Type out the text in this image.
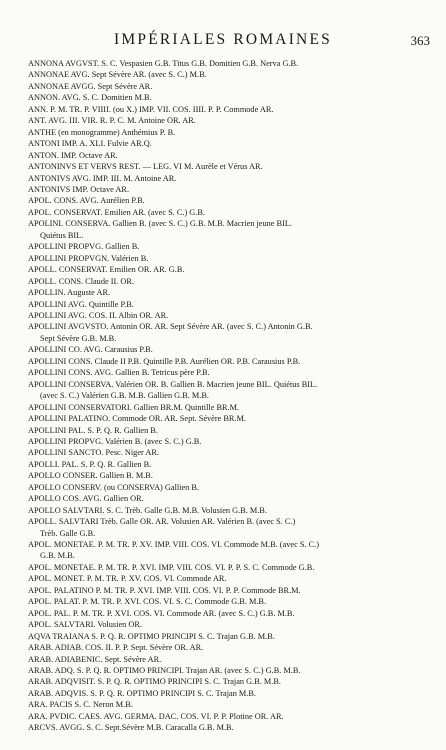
IMPÉRIALES ROMAINES	363
ANNONA AVGVST. S. C. Vespasien G.B. Titus G.B. Domitien G.B. Nerva G.B.
ANNONAE AVG. Sept Sévère AR. (avec S. C.) M.B.
ANNONAE AVGG. Sept Sévère AR.
ANNON. AVG. S. C. Domitien M.B.
ANN. P. M. TR. P. VIIII. (ou X.) IMP. VII. COS. IIII. P. P. Commode AR.
ANT. AVG. III. VIR. R. P. C. M. Antoine OR. AR.
ANTHE (en monogramme) Anthémius P. B.
ANTONI IMP. A. XLI. Fulvie AR.Q.
ANTON. IMP. Octave AR.
ANTONINVS ET VERVS REST. — LEG. VI M. Aurèle et Vérus AR.
ANTONIVS AVG. IMP. III. M. Antoine AR.
ANTONIVS IMP. Octave AR.
APOL. CONS. AVG. Aurélien P.B.
APOL. CONSERVAT. Emilien AR. (avec S. C.) G.B.
APOLINI. CONSERVA. Gallien B. (avec S. C.) G.B. M.B. Macrien jeune BIL.
Quiétus BIL.
APOLLINI PROPVG. Gallien B.
APOLLINI PROPVGN. Valérien B.
APOLL. CONSERVAT. Emilien OR. AR. G.B.
APOLL. CONS. Claude II. OR.
APOLLIN. Auguste AR.
APOLLINI AVG. Quintille P.B.
APOLLINI AVG. COS. II. Albin OR. AR.
APOLLINI AVGVSTO. Antonin OR. AR. Sept Sévère AR. (avec S. C.) Antonin G.B.
Sept Sévère G.B. M.B.
APOLLINI CO. AVG. Carausius P.B.
APOLLINI CONS. Claude II P.B. Quintille P.B. Aurélien OR. P.B. Carausius P.B.
APOLLINI CONS. AVG. Gallien B. Tetricus père P.B.
APOLLINI CONSERVA. Valérien OR. B. Gallien B. Macrien jeune BIL. Quiétus BIL.
(avec S. C.) Valérien G.B. M.B. Gallien G.B. M.B.
APOLLINI CONSERVATORI. Gallien BR.M. Quintille BR.M.
APOLLINI PALATINO. Commode OR. AR. Sept. Sévère BR.M.
APOLLINI PAL. S. P. Q. R. Gallien B.
APOLLINI PROPVG. Valérien B. (avec S. C.) G.B.
APOLLINI SANCTO. Pesc. Niger AR.
APOLLI. PAL. S. P. Q. R. Gallien B.
APOLLO CONSER. Gallien B. M.B.
APOLLO CONSERV. (ou CONSERVA) Gallien B.
APOLLO COS. AVG. Gallien OR.
APOLLO SALVTARI. S. C. Trèb. Galle G.B. M.B. Volusien G.B. M.B.
APOLL. SALVTARI Trèb. Galle OR. AR. Volusien AR. Valérien B. (avec S. C.)
Trèb. Galle G.B.
APOL. MONETAE. P. M. TR. P. XV. IMP. VIII. COS. VI. Commode M.B. (avec S. C.)
G.B. M.B.
APOL. MONETAE. P. M. TR. P. XVI. IMP. VIII. COS. VI. P. P. S. C. Commode G.B.
APOL. MONET. P. M. TR. P. XV. COS. VI. Commode AR.
APOL. PALATINO P. M. TR. P. XVI. IMP. VIII. COS. VI. P. P. Commode BR.M.
APOL. PALAT. P. M. TR. P. XVI. COS. VI. S. C. Commode G.B. M.B.
APOL. PAL. P. M. TR. P. XVI. COS. VI. Commode AR. (avec S. C.) G.B. M.B.
APOL. SALVTARI. Volusien OR.
AQVA TRAIANA S. P. Q. R. OPTIMO PRINCIPI S. C. Trajan G.B. M.B.
ARAB. ADIAB. COS. II. P. P. Sept. Sévère OR. AR.
ARAB. ADIABENIC. Sept. Sévère AR.
ARAB. ADQ. S. P. Q. R. OPTIMO PRINCIPI. Trajan AR. (avec S. C.) G.B. M.B.
ARAB. ADQVISIT. S. P. Q. R. OPTIMO PRINCIPI S. C. Trajan G.B. M.B.
ARAB. ADQVIS. S. P. Q. R. OPTIMO PRINCIPI S. C. Trajan M.B.
ARA. PACIS S. C. Neron M.B.
ARA. PVDIC. CAES. AVG. GERMA. DAC. COS. VI. P. P. Plotine OR. AR.
ARCVS. AVGG. S. C. Sept.Sévère M.B. Caracalla G.B. M.B.
